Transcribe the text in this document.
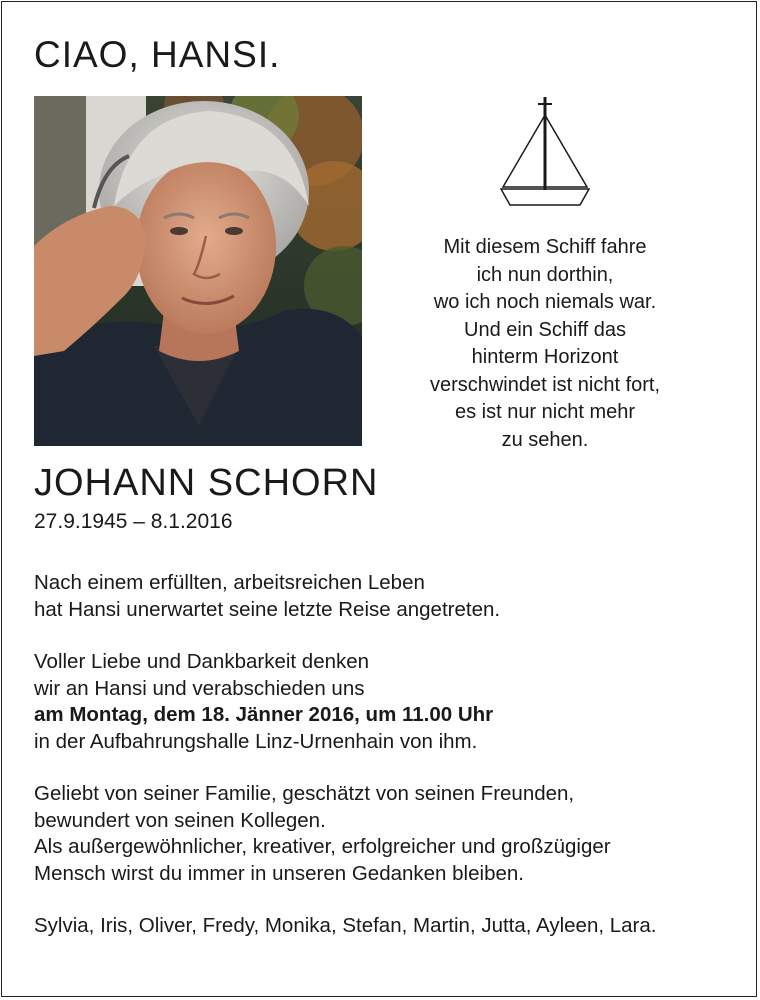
CIAO, HANSI.
Mit diesem Schiff fahre
ich nun dorthin,
wo ich noch niemals war.
Und ein Schiff das
hinterm Horizont
verschwindet ist nicht fort,
es ist nur nicht mehr
zu sehen.
JOHANN SCHORN
27.9.1945 – 8.1.2016
Nach einem erfüllten, arbeitsreichen Leben
hat Hansi unerwartet seine letzte Reise angetreten.
Voller Liebe und Dankbarkeit denken
wir an Hansi und verabschieden uns
am Montag, dem 18. Jänner 2016, um 11.00 Uhr
in der Aufbahrungshalle Linz-Urnenhain von ihm.
Geliebt von seiner Familie, geschätzt von seinen Freunden,
bewundert von seinen Kollegen.
Als außergewöhnlicher, kreativer, erfolgreicher und großzügiger
Mensch wirst du immer in unseren Gedanken bleiben.
Sylvia, Iris, Oliver, Fredy, Monika, Stefan, Martin, Jutta, Ayleen, Lara.
